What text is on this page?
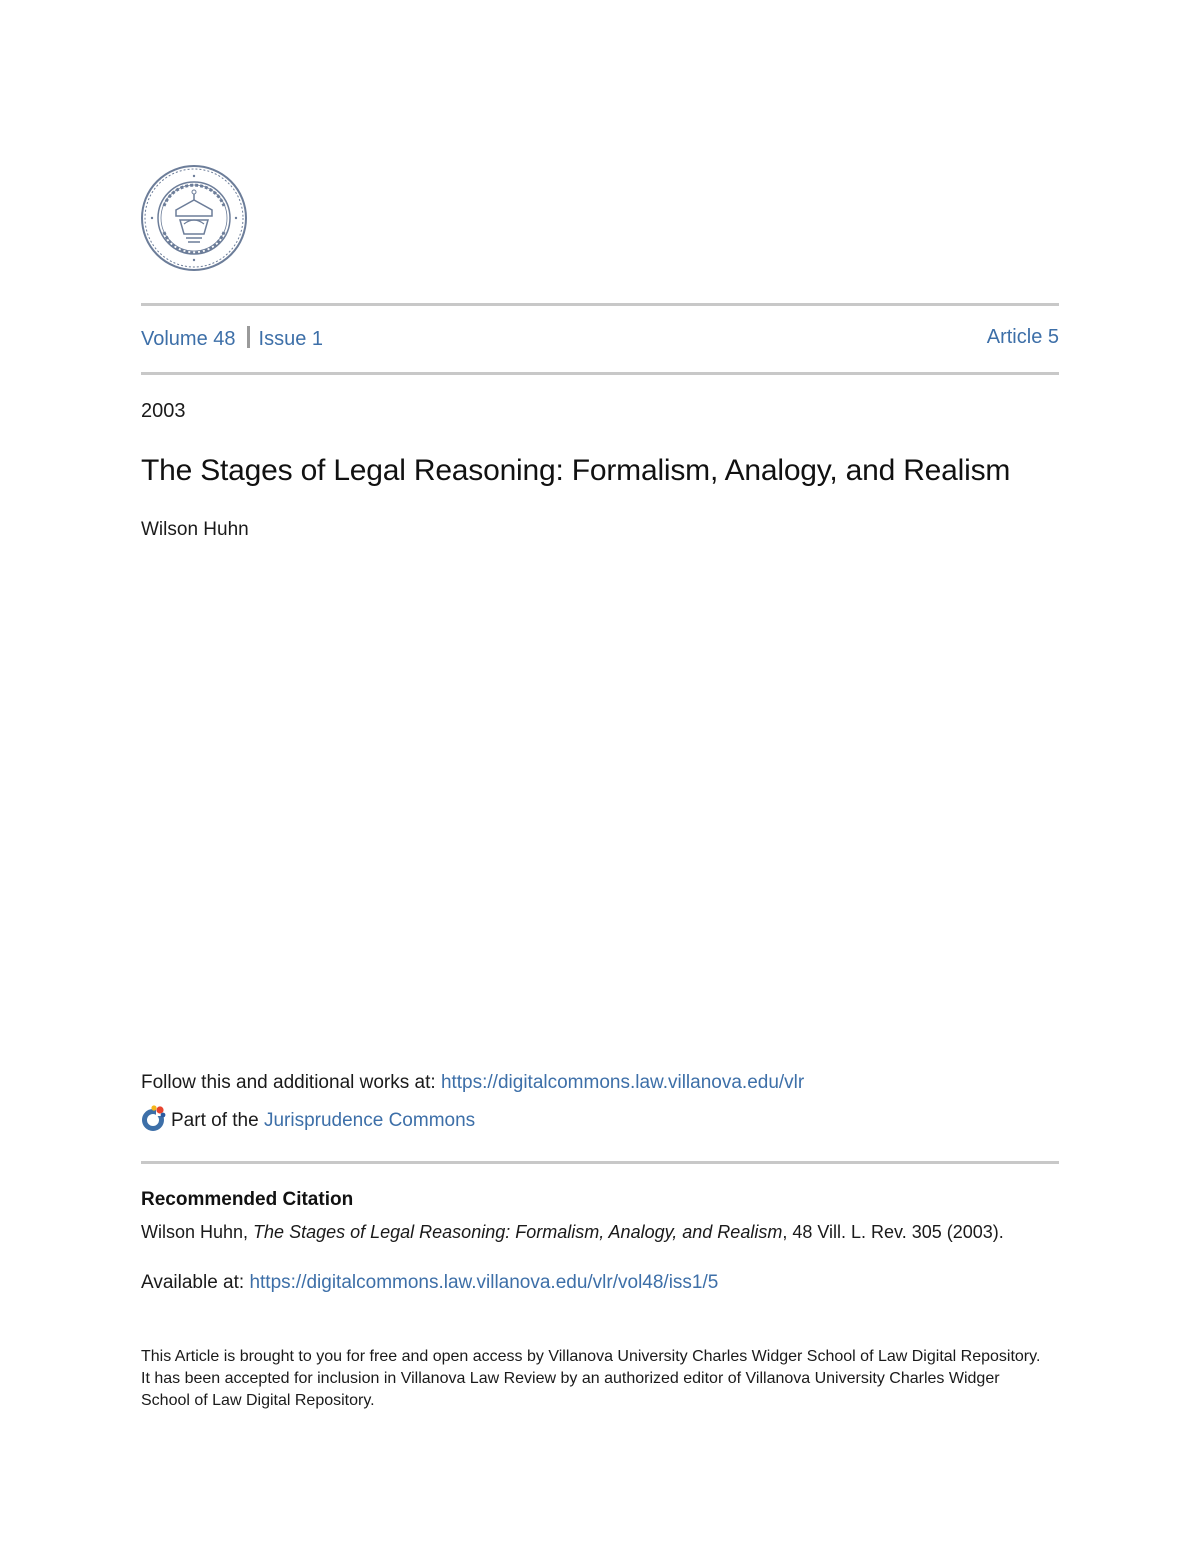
Volume 48 Issue 1	Article 5
2003
The Stages of Legal Reasoning: Formalism, Analogy, and Realism
Wilson Huhn
Follow this and additional works at: https://digitalcommons.law.villanova.edu/vlr
Part of the Jurisprudence Commons
Recommended Citation
Wilson Huhn, The Stages of Legal Reasoning: Formalism, Analogy, and Realism, 48 Vill. L. Rev. 305 (2003).
Available at: https://digitalcommons.law.villanova.edu/vlr/vol48/iss1/5
This Article is brought to you for free and open access by Villanova University Charles Widger School of Law Digital Repository. It has been accepted for inclusion in Villanova Law Review by an authorized editor of Villanova University Charles Widger School of Law Digital Repository.
